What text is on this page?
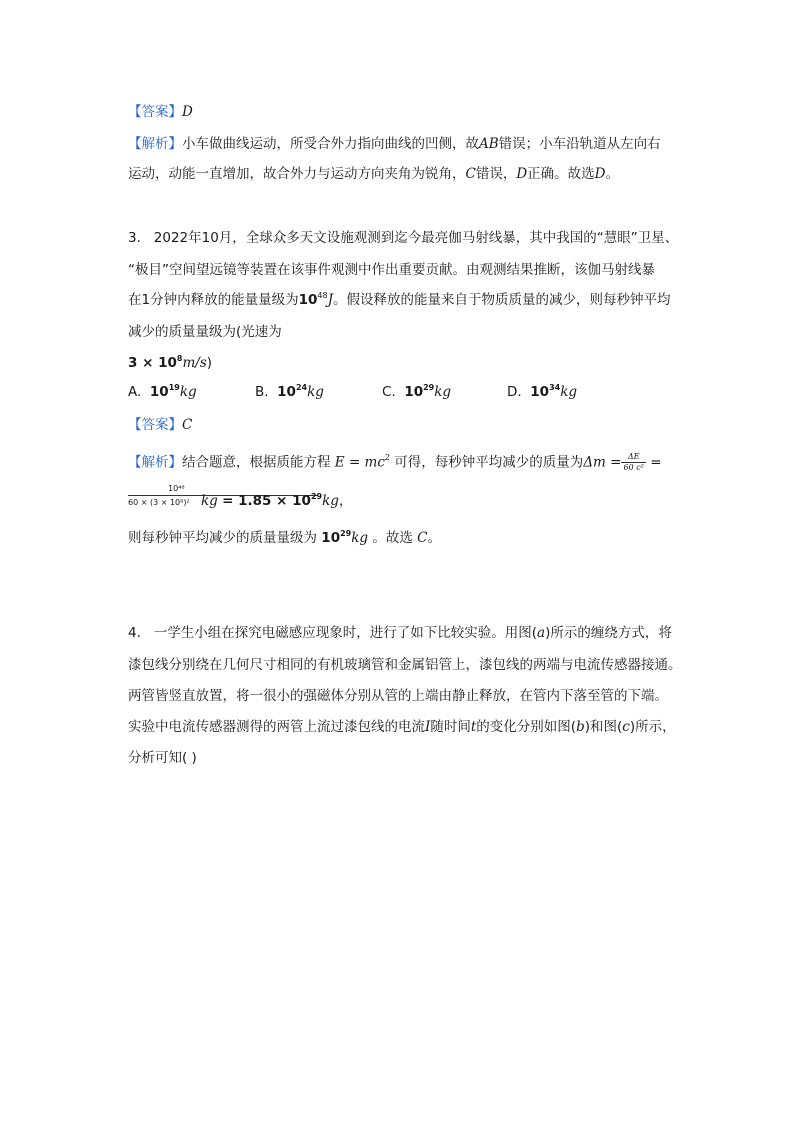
【答案】D
【解析】小车做曲线运动，所受合外力指向曲线的凹侧，故AB错误；小车沿轨道从左向右
运动，动能一直增加，故合外力与运动方向夹角为锐角，C错误，D正确。故选D。
3. 2022年10月，全球众多天文设施观测到迄今最亮伽马射线暴，其中我国的“慧眼”卫星、
“极目”空间望远镜等装置在该事件观测中作出重要贡献。由观测结果推断，该伽马射线暴
在1分钟内释放的能量量级为$10^{48}J$。假设释放的能量来自于物质质量的减少，则每秒钟平均
减少的质量量级为(光速为
$3 \times 10^8m/s$)
A. $10^{19}kg$	B. $10^{24}kg$	C. $10^{29}kg$	D. $10^{34}kg$
【答案】C
【解析】结合题意，根据质能方程 $E = mc^2$ 可得，每秒钟平均减少的质量为$\Delta m = \frac{\Delta E}{\text{60 c²}}$ =
10⁴⁸
60 × (3 × 10⁸)² kg = $1.85 \times 10^{29}kg$，
则每秒钟平均减少的质量量级为 $10^{29}kg$ 。故选 C。
4. 一学生小组在探究电磁感应现象时，进行了如下比较实验。用图(a)所示的缠绕方式，将
漆包线分别绕在几何尺寸相同的有机玻璃管和金属铝管上，漆包线的两端与电流传感器接通。
两管皆竖直放置，将一很小的强磁体分别从管的上端由静止释放，在管内下落至管的下端。
实验中电流传感器测得的两管上流过漆包线的电流I随时间t的变化分别如图(b)和图(c)所示，
分析可知( )
